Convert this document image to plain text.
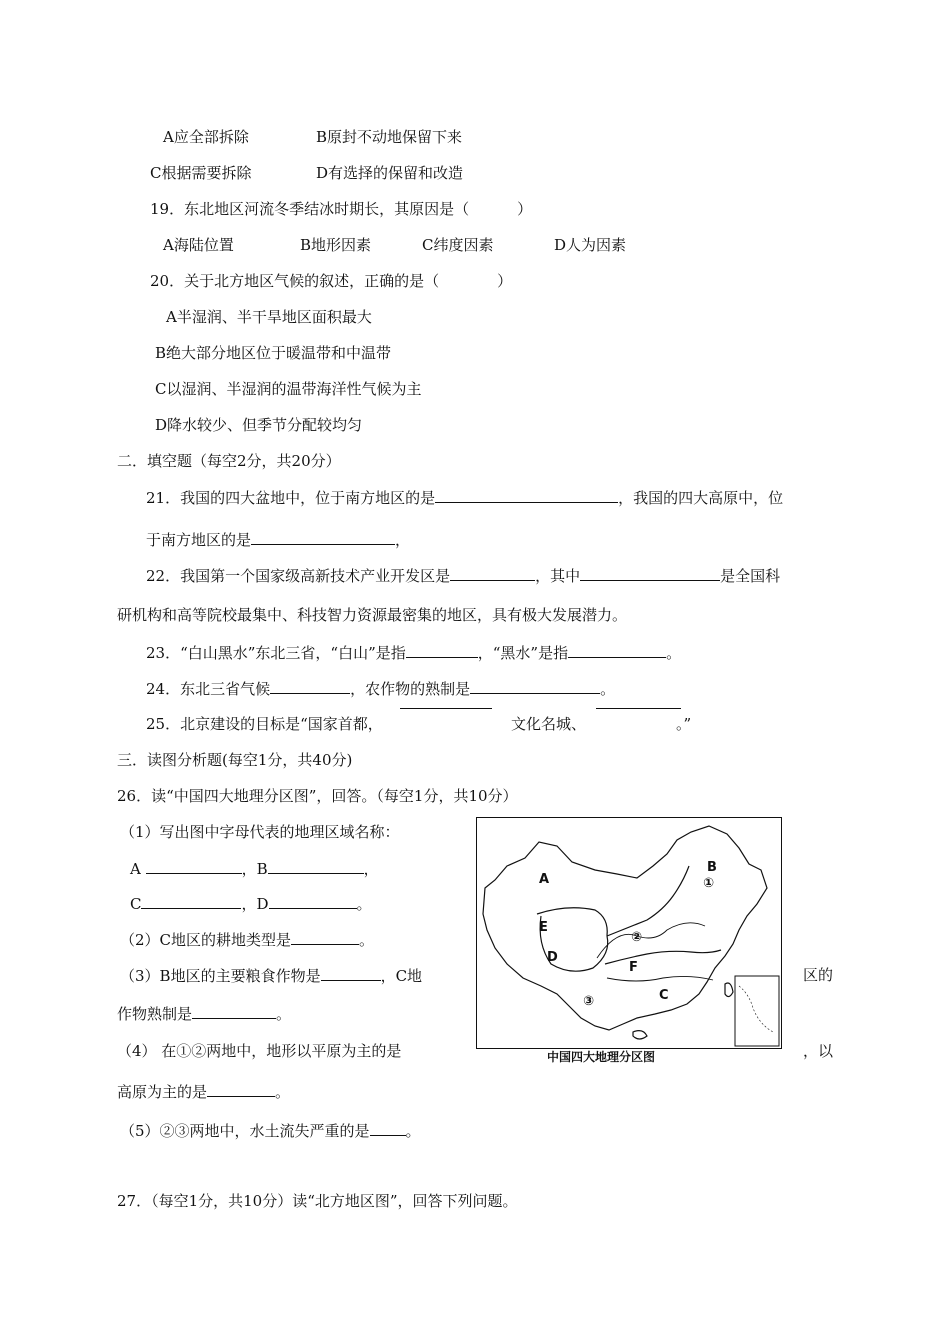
A应全部拆除	B原封不动地保留下来
C根据需要拆除	D有选择的保留和改造
19．东北地区河流冬季结冰时期长，其原因是（	）
A海陆位置	B地形因素	C纬度因素	D人为因素
20．关于北方地区气候的叙述，正确的是（	）
A半湿润、半干旱地区面积最大
B绝大部分地区位于暖温带和中温带
C以湿润、半湿润的温带海洋性气候为主
D降水较少、但季节分配较均匀
二．填空题（每空2分，共20分）
21．我国的四大盆地中，位于南方地区的是	，我国的四大高原中，位
于南方地区的是	，
22．我国第一个国家级高新技术产业开发区是	，其中	是全国科
研机构和高等院校最集中、科技智力资源最密集的地区，具有极大发展潜力。
23．“白山黑水”东北三省，“白山”是指	，“黑水”是指	。
24．东北三省气候	，农作物的熟制是	。
25．北京建设的目标是“国家首都，	文化名城、	。”
三．读图分析题(每空1分，共40分)
26．读“中国四大地理分区图”，回答。（每空1分，共10分）
（1）写出图中字母代表的地理区域名称：
A	，B	，
C	，D	。
（2）C地区的耕地类型是	。
（3）B地区的主要粮食作物是	，C地	区的
作物熟制是	。
（4） 在①②两地中，地形以平原为主的是	，以
高原为主的是	。
（5）②③两地中，水土流失严重的是 。
A
B
①
E
D
②
F
C
③
中国四大地理分区图
27．（每空1分，共10分）读“北方地区图”，回答下列问题。
